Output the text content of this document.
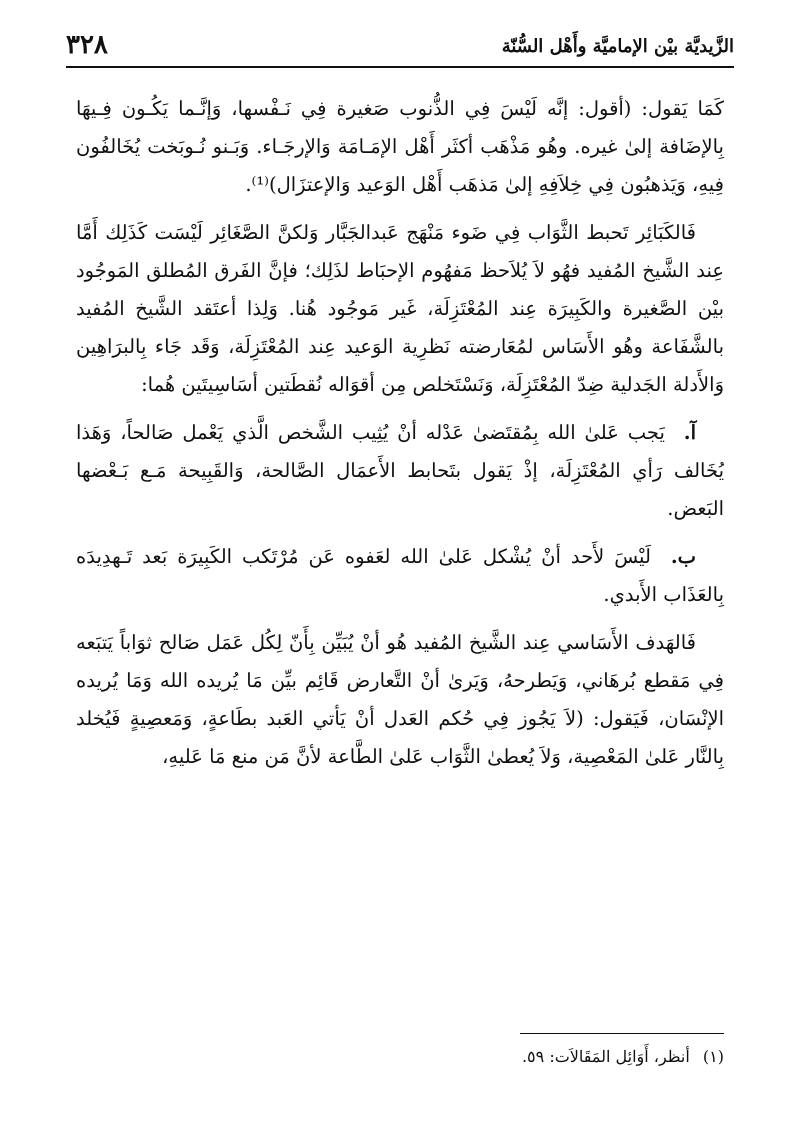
الزَّيديَّة بيْن الإماميَّة وأَهْل السُّنّة
٣٢٨

كَمَا يَقول: (أقول: إنَّه لَيْسَ فِي الذُّنوب صَغيرة فِي نَـفْسها، وَإنَّـما يَكُـون فِـيهَا بِالإضَافة إلىٰ غيره. وهُو مَذْهَب أكثَر أَهْل الإمَـامَة وَالإرجَـاء. وَبَـنو نُـوبَخت يُخَالفُون فِيهِ، وَيَذهبُون فِي خِلاَفِهِ إلىٰ مَذهَب أَهْل الوَعيد وَالإعتزَال)⁽¹⁾.

فَالكَبَائِر تَحبط الثَّوَاب فِي ضَوء مَنْهَج عَبدالجَبَّار وَلكنَّ الصَّغَائِر لَيْسَت كَذَلِك أَمَّا عِند الشَّيخ المُفيد فهُو لاَ يُلاَحظ مَفهُوم الإحبَاط لذَلِك؛ فإنَّ الفَرق المُطلق المَوجُود بيْن الصَّغيرة والكَبِيرَة عِند المُعْتَزِلَة، غَير مَوجُود هُنا. وَلِذا أعتَقد الشَّيخ المُفيد بالشَّفَاعة وهُو الأَسَاس لمُعَارضته نَظرِية الوَعيد عِند المُعْتَزِلَة، وَقَد جَاء بِالبرَاهِين وَالأَدلة الجَدلية ضِدّ المُعْتَزِلَة، وَنَسْتَخلص مِن أقوَاله نُقطَتين أسَاسِيتَين هُما:

آ. يَجب عَلىٰ الله بِمُقتَضىٰ عَدْله أنْ يُثِيب الشَّخص الَّذي يَعْمل صَالحاً، وَهَذا يُخَالف رَأي المُعْتَزِلَة، إذْ يَقول بتَحابط الأَعمَال الصَّالحة، وَالقَبِيحة مَـع بَـعْضها البَعض.

ب. لَيْسَ لأَحد أنْ يُشْكل عَلىٰ الله لعَفوه عَن مُرْتَكب الكَبِيرَة بَعد تَـهدِيدَه بِالعَذَاب الأَبدي.

فَالهَدف الأَسَاسي عِند الشَّيخ المُفيد هُو أنْ يُبَيِّن بِأَنّ لِكُل عَمَل صَالح ثوَاباً يَتبَعه فِي مَقطع بُرهَاني، وَيَطرحهُ، وَيَرىٰ أنْ التَّعارض قَائِم بيِّن مَا يُريده الله وَمَا يُريده الإنْسَان، فَيَقول: (لاَ يَجُوز فِي حُكم العَدل أنْ يَأتي العَبد بطَاعةٍ، وَمَعصِيةٍ فَيُخلد بِالنَّار عَلىٰ المَعْصِية، وَلاَ يُعطىٰ الثَّوَاب عَلىٰ الطَّاعة لأنَّ مَن منع مَا عَليهِ،

(١) أنظر، أَوَائِل المَقَالاَت: ٥٩.
